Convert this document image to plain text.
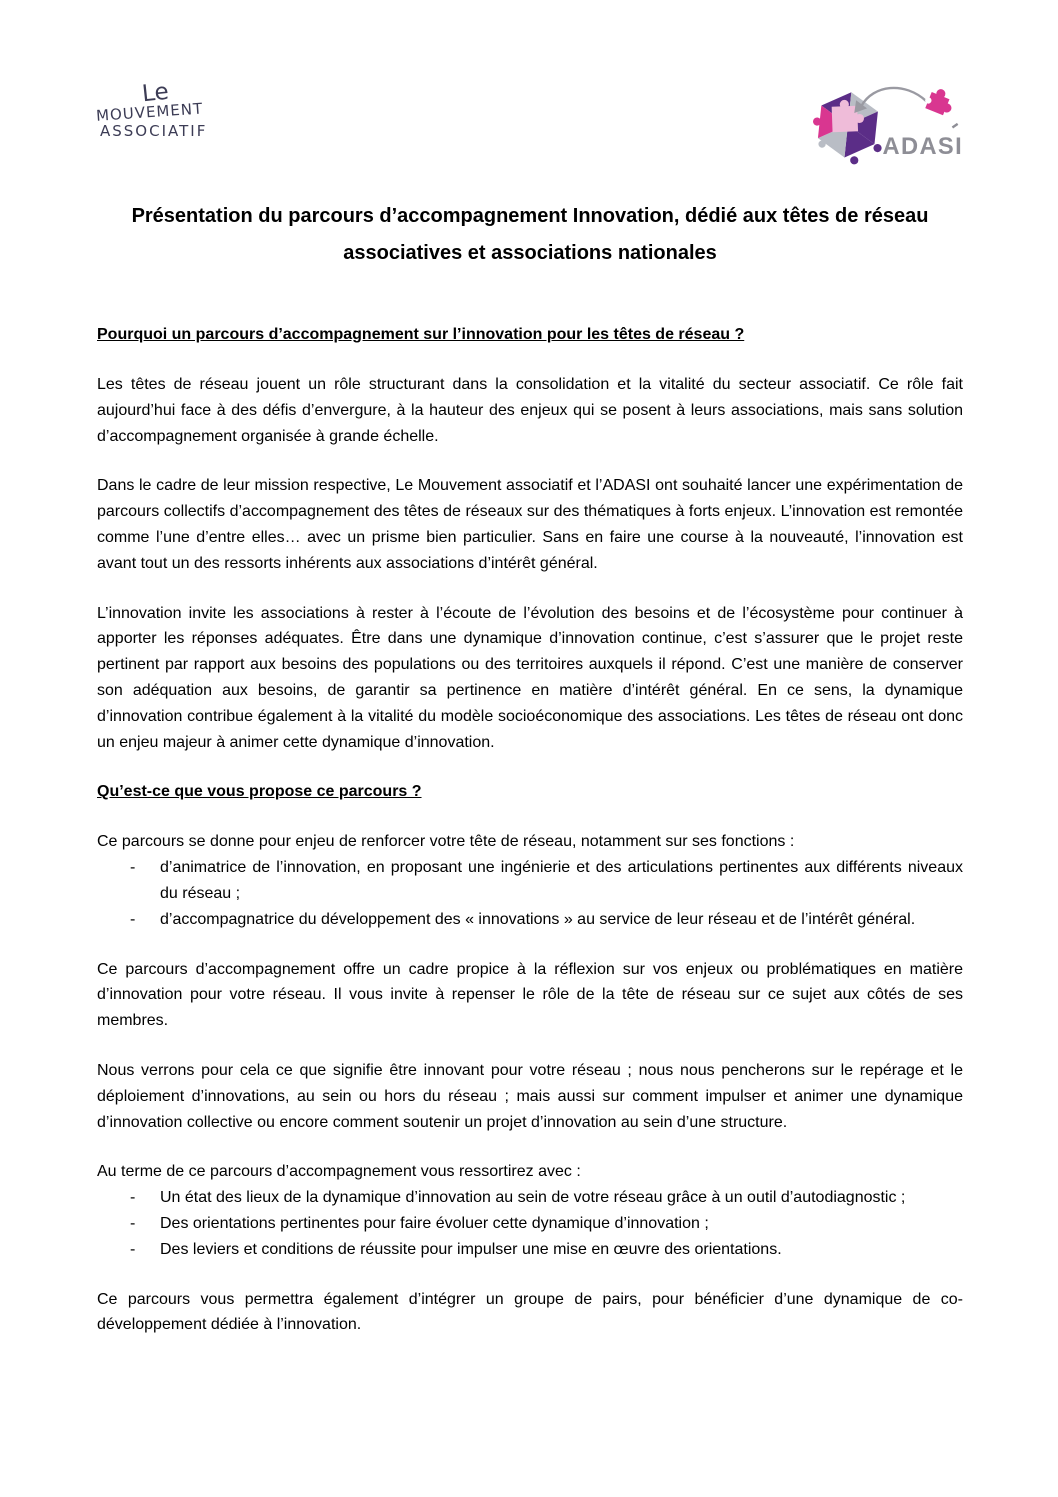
Le
MOUVEMENT
ASSOCIATIF
ADASI
Présentation du parcours d’accompagnement Innovation, dédié aux têtes de réseau associatives et associations nationales
Pourquoi un parcours d’accompagnement sur l’innovation pour les têtes de réseau ?

Les têtes de réseau jouent un rôle structurant dans la consolidation et la vitalité du secteur associatif. Ce rôle fait aujourd’hui face à des défis d’envergure, à la hauteur des enjeux qui se posent à leurs associations, mais sans solution d’accompagnement organisée à grande échelle.

Dans le cadre de leur mission respective, Le Mouvement associatif et l’ADASI ont souhaité lancer une expérimentation de parcours collectifs d’accompagnement des têtes de réseaux sur des thématiques à forts enjeux. L’innovation est remontée comme l’une d’entre elles… avec un prisme bien particulier. Sans en faire une course à la nouveauté, l’innovation est avant tout un des ressorts inhérents aux associations d’intérêt général.

L’innovation invite les associations à rester à l’écoute de l’évolution des besoins et de l’écosystème pour continuer à apporter les réponses adéquates. Être dans une dynamique d’innovation continue, c’est s’assurer que le projet reste pertinent par rapport aux besoins des populations ou des territoires auxquels il répond. C’est une manière de conserver son adéquation aux besoins, de garantir sa pertinence en matière d’intérêt général. En ce sens, la dynamique d’innovation contribue également à la vitalité du modèle socioéconomique des associations. Les têtes de réseau ont donc un enjeu majeur à animer cette dynamique d’innovation.

Qu’est-ce que vous propose ce parcours ?

Ce parcours se donne pour enjeu de renforcer votre tête de réseau, notamment sur ses fonctions :

-	d’animatrice de l’innovation, en proposant une ingénierie et des articulations pertinentes aux différents niveaux du réseau ;
-	d’accompagnatrice du développement des « innovations » au service de leur réseau et de l’intérêt général.

Ce parcours d’accompagnement offre un cadre propice à la réflexion sur vos enjeux ou problématiques en matière d’innovation pour votre réseau. Il vous invite à repenser le rôle de la tête de réseau sur ce sujet aux côtés de ses membres.

Nous verrons pour cela ce que signifie être innovant pour votre réseau ; nous nous pencherons sur le repérage et le déploiement d’innovations, au sein ou hors du réseau ; mais aussi sur comment impulser et animer une dynamique d’innovation collective ou encore comment soutenir un projet d’innovation au sein d’une structure.

Au terme de ce parcours d’accompagnement vous ressortirez avec :

-	Un état des lieux de la dynamique d’innovation au sein de votre réseau grâce à un outil d’autodiagnostic ;
-	Des orientations pertinentes pour faire évoluer cette dynamique d’innovation ;
-	Des leviers et conditions de réussite pour impulser une mise en œuvre des orientations.

Ce parcours vous permettra également d’intégrer un groupe de pairs, pour bénéficier d’une dynamique de co-développement dédiée à l’innovation.
